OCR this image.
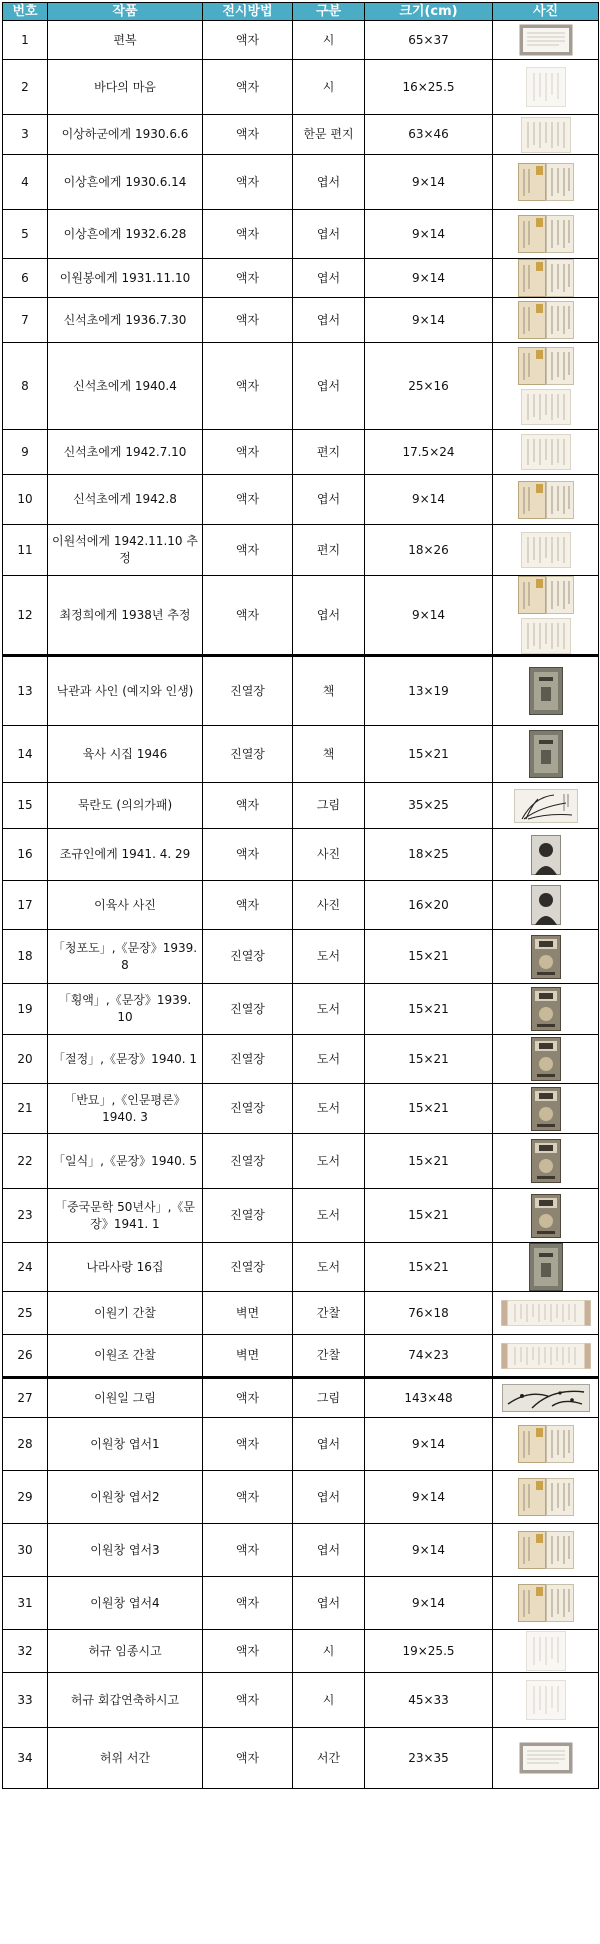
번호	작품	전시방법	구분	크기(cm)	사진
1	편복	액자	시	65×37	

2	바다의 마음	액자	시	16×25.5	

3	이상하군에게 1930.6.6	액자	한문 편지	63×46	

4	이상흔에게 1930.6.14	액자	엽서	9×14	

5	이상흔에게 1932.6.28	액자	엽서	9×14	

6	이원봉에게 1931.11.10	액자	엽서	9×14	

7	신석초에게 1936.7.30	액자	엽서	9×14	

8	신석초에게 1940.4	액자	엽서	25×16	

9	신석초에게 1942.7.10	액자	편지	17.5×24	

10	신석초에게 1942.8	액자	엽서	9×14	

11	이원석에게 1942.11.10 추정	액자	편지	18×26	

12	최정희에게 1938년 추정	액자	엽서	9×14	

13	낙관과 사인 (예지와 인생)	진열장	책	13×19	

14	육사 시집 1946	진열장	책	15×21	

15	묵란도 (의의가패)	액자	그림	35×25	

16	조규인에게 1941. 4. 29	액자	사진	18×25	

17	이육사 사진	액자	사진	16×20	

18	「청포도」,《문장》1939. 8	진열장	도서	15×21	

19	「횡액」,《문장》1939. 10	진열장	도서	15×21	

20	「절정」,《문장》1940. 1	진열장	도서	15×21	

21	「반묘」,《인문평론》1940. 3	진열장	도서	15×21	

22	「일식」,《문장》1940. 5	진열장	도서	15×21	

23	「중국문학 50년사」,《문장》1941. 1	진열장	도서	15×21	

24	나라사랑 16집	진열장	도서	15×21	

25	이원기 간찰	벽면	간찰	76×18	

26	이원조 간찰	벽면	간찰	74×23	

27	이원일 그림	액자	그림	143×48	

28	이원창 엽서1	액자	엽서	9×14	

29	이원창 엽서2	액자	엽서	9×14	

30	이원창 엽서3	액자	엽서	9×14	

31	이원창 엽서4	액자	엽서	9×14	

32	허규 임종시고	액자	시	19×25.5	

33	허규 회갑연축하시고	액자	시	45×33	

34	허위 서간	액자	서간	23×35	
